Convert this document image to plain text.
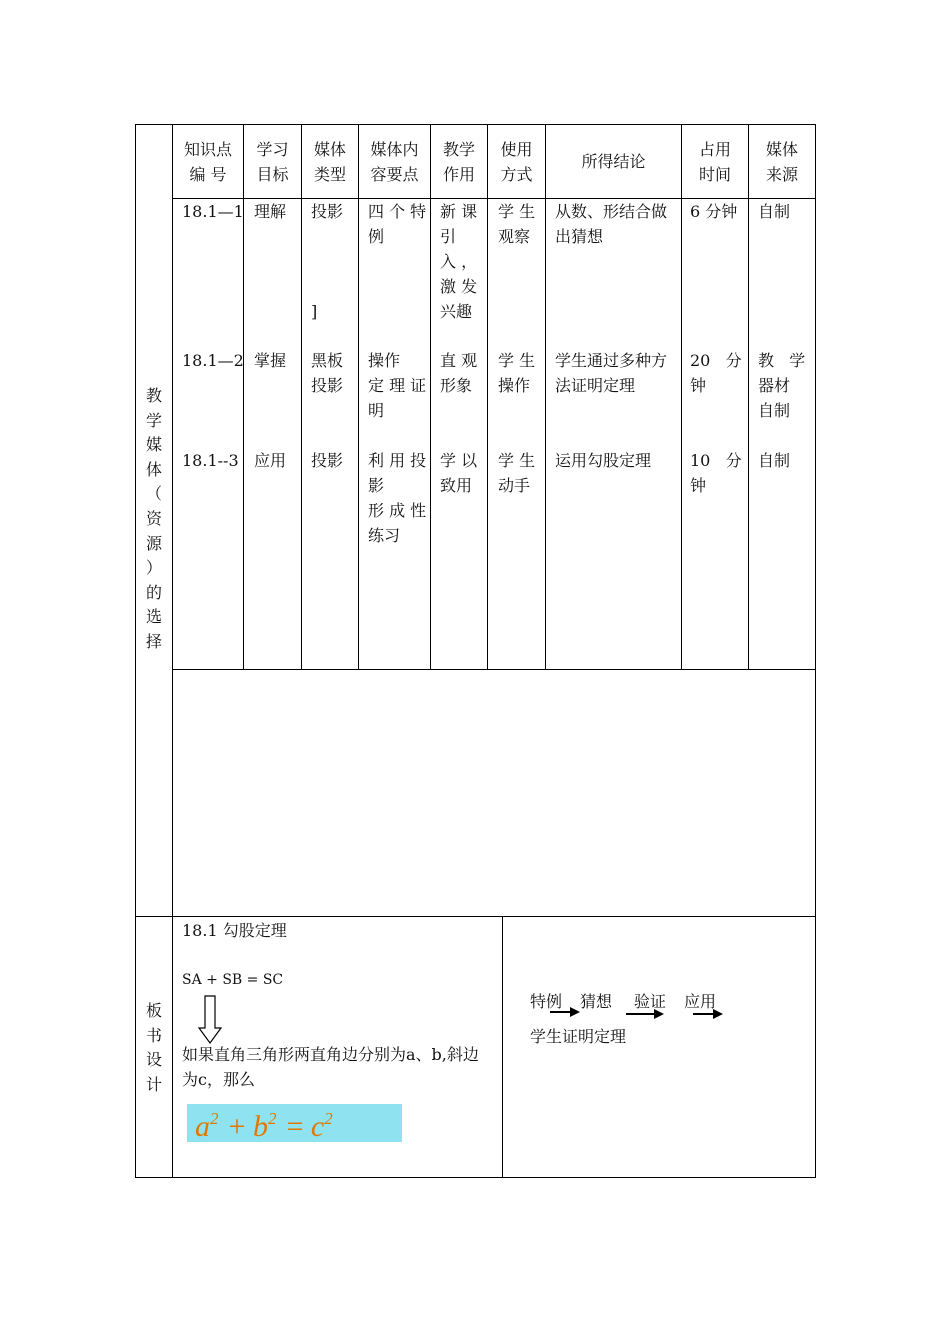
教
学
媒
体
（
资
源
）
的
选
择
板
书
设
计
知识点
编 号
学习
目标
媒体
类型
媒体内
容要点
教学
作用
使用
方式
所得结论
占用
时间
媒体
来源
18.1—1 理解 投影

]
四 个 特
例
新 课
引
入 ，
激 发
兴趣
学 生
观察
从数、形结合做
出猜想
6 分钟 自制
18.1—2 掌握 黑板
投影
操作
定 理 证
明
直 观
形象
学 生
操作
学生通过多种方
法证明定理
20   分
钟
教   学
器材
自制
18.1--3 应用 投影 利 用 投
影
形 成 性
练习
学 以
致用
学 生
动手
运用勾股定理 10   分
钟
自制
18.1 勾股定理
SA + SB = SC
如果直角三角形两直角边分别为a、b,斜边
为c，那么
$a^2$  + $b^2$  = $c^2$ 
特例 猜想 验证 应用
学生证明定理
